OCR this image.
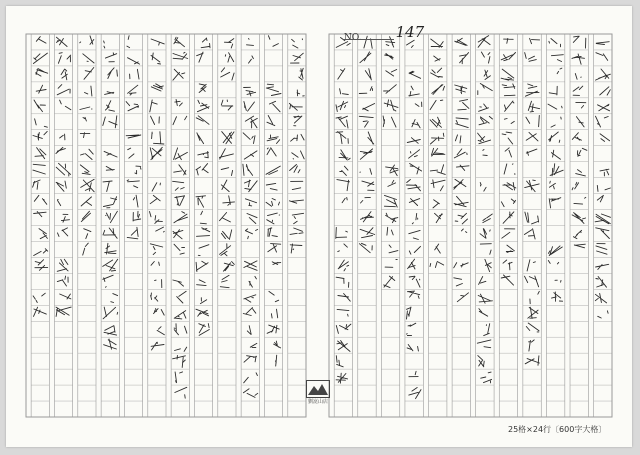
NO. 147
劉崑山店
25格×24行〔600字大格〕
